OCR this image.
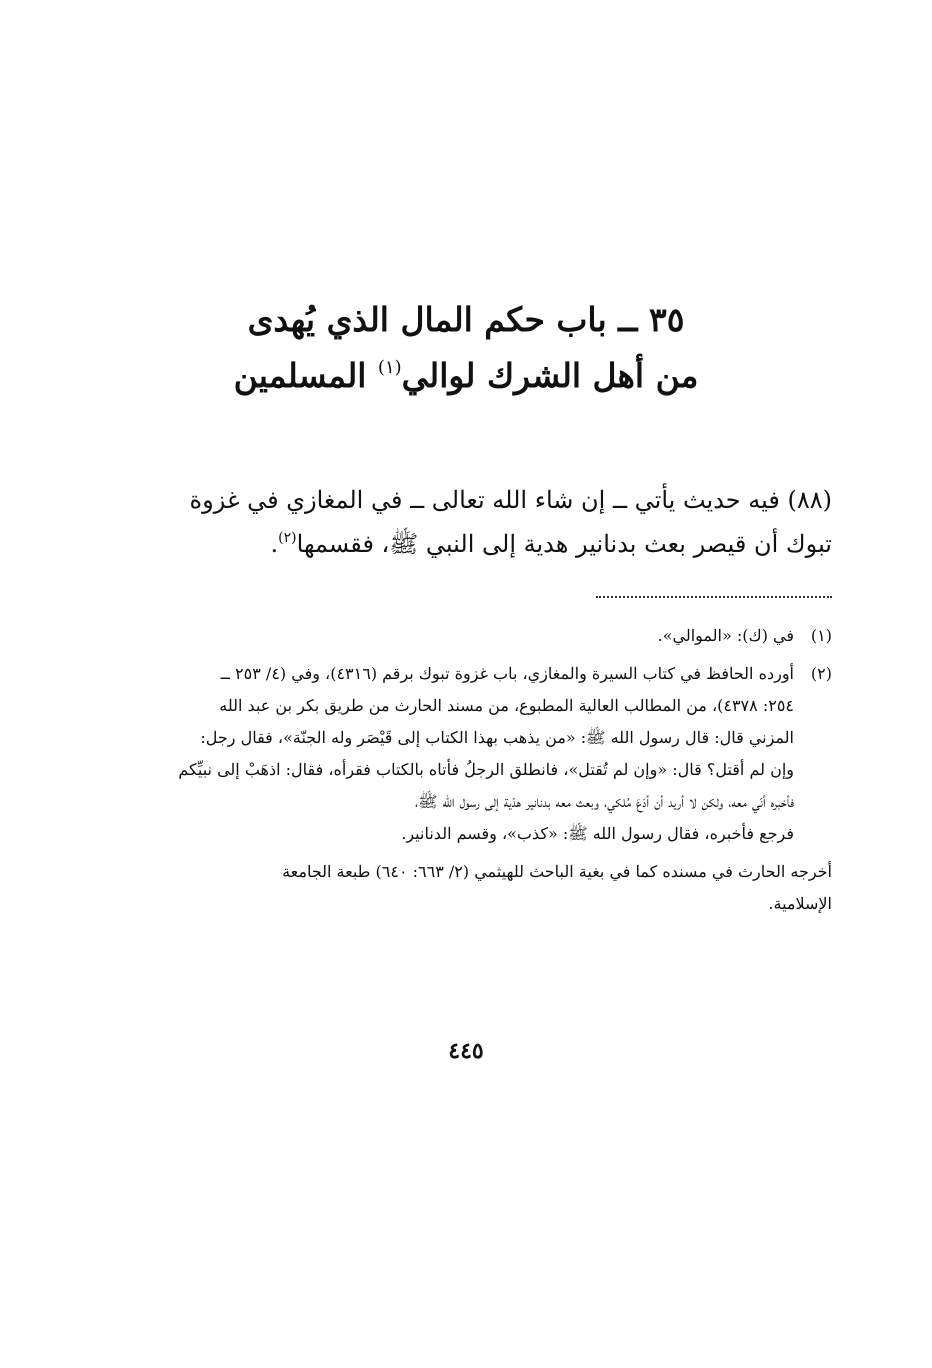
٣٥ ــ باب حكم المال الذي يُهدى
من أهل الشرك لوالي$^{(١)}$ المسلمين
(٨٨) فيه حديث يأتي ــ إن شاء الله تعالى ــ في المغازي في غزوة
تبوك أن قيصر بعث بدنانير هدية إلى النبي ﷺ، فقسمها$^{(٢)}$.
(١)
في (ك): «الموالي».
(٢)
أورده الحافظ في كتاب السيرة والمغازي، باب غزوة تبوك برقم (٤٣١٦)، وفي (٤/ ٢٥٣ ــ
٢٥٤: ٤٣٧٨)، من المطالب العالية المطبوع، من مسند الحارث من طريق بكر بن عبد الله
المزني قال: قال رسول الله ﷺ: «من يذهب بهذا الكتاب إلى قَيْصَر وله الجنّة»، فقال رجل:
وإن لم أقتل؟ قال: «وإن لم تُقتل»، فانطلق الرجلُ فأتاه بالكتاب فقرأه، فقال: اذهَبْ إلى نبيِّكم
فأخبره أنّي معه، ولكن لا أريد أن أدَعَ مُلكي، وبعث معه بدنانير هدّية إلى رسول الله ﷺ،
فرجع فأخبره، فقال رسول الله ﷺ: «كذب»، وقسم الدنانير.
أخرجه الحارث في مسنده كما في بغية الباحث للهيثمي (٢/ ٦٦٣: ٦٤٠) طبعة الجامعة
الإسلامية.
٤٤٥
